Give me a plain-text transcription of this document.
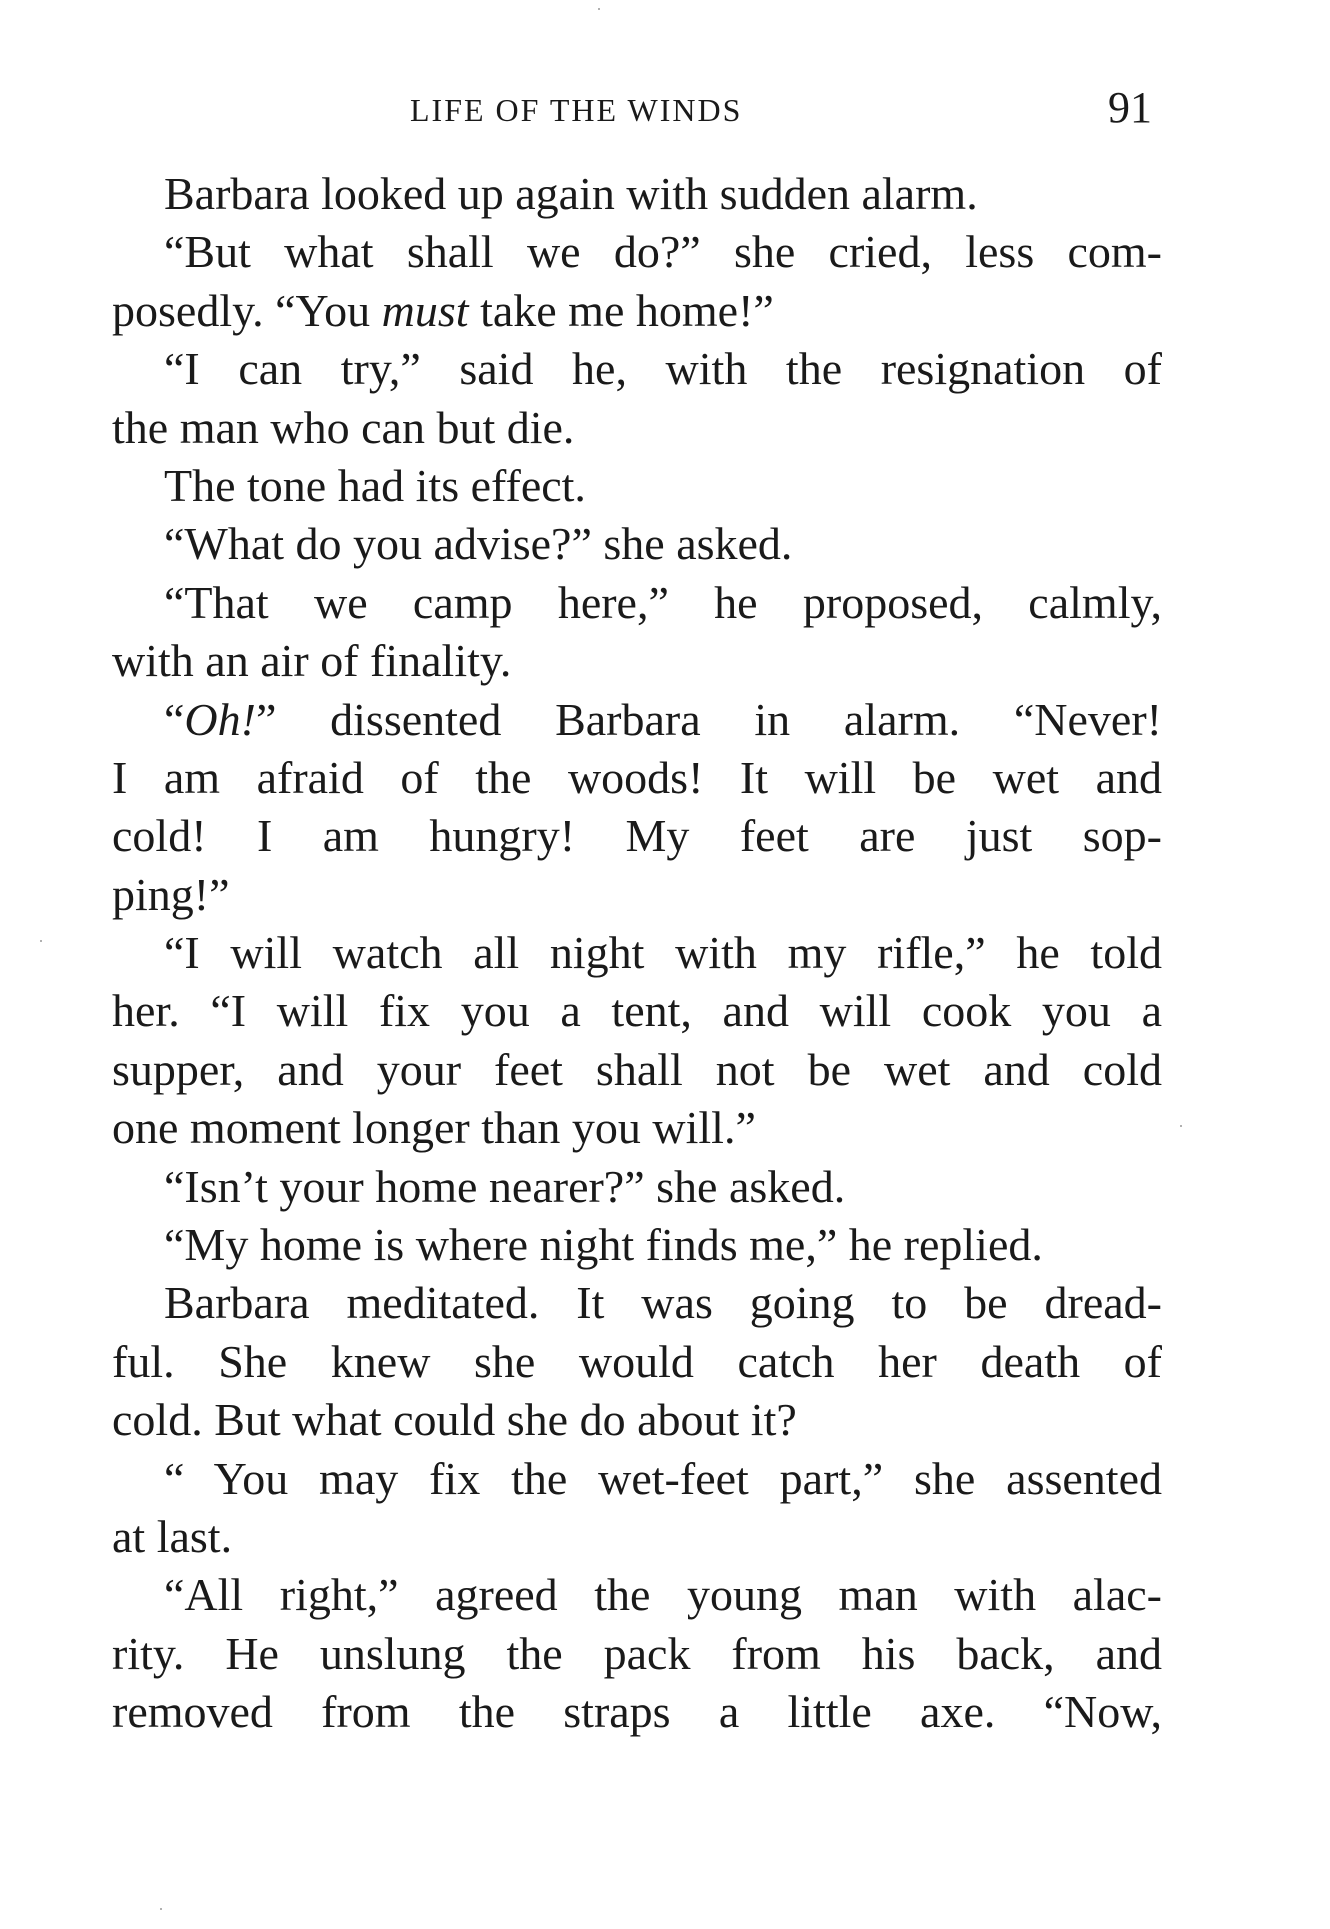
LIFE OF THE WINDS	91
Barbara looked up again with sudden alarm.
“But what shall we do?” she cried, less com-
posedly. “You must take me home!”
“I can try,” said he, with the resignation of
the man who can but die.
The tone had its effect.
“What do you advise?” she asked.
“That we camp here,” he proposed, calmly,
with an air of finality.
“Oh!” dissented Barbara in alarm. “Never!
I am afraid of the woods! It will be wet and
cold! I am hungry! My feet are just sop-
ping!”
“I will watch all night with my rifle,” he told
her. “I will fix you a tent, and will cook you a
supper, and your feet shall not be wet and cold
one moment longer than you will.”
“Isn’t your home nearer?” she asked.
“My home is where night finds me,” he replied.
Barbara meditated. It was going to be dread-
ful. She knew she would catch her death of
cold. But what could she do about it?
“ You may fix the wet-feet part,” she assented
at last.
“All right,” agreed the young man with alac-
rity. He unslung the pack from his back, and
removed from the straps a little axe. “Now,
